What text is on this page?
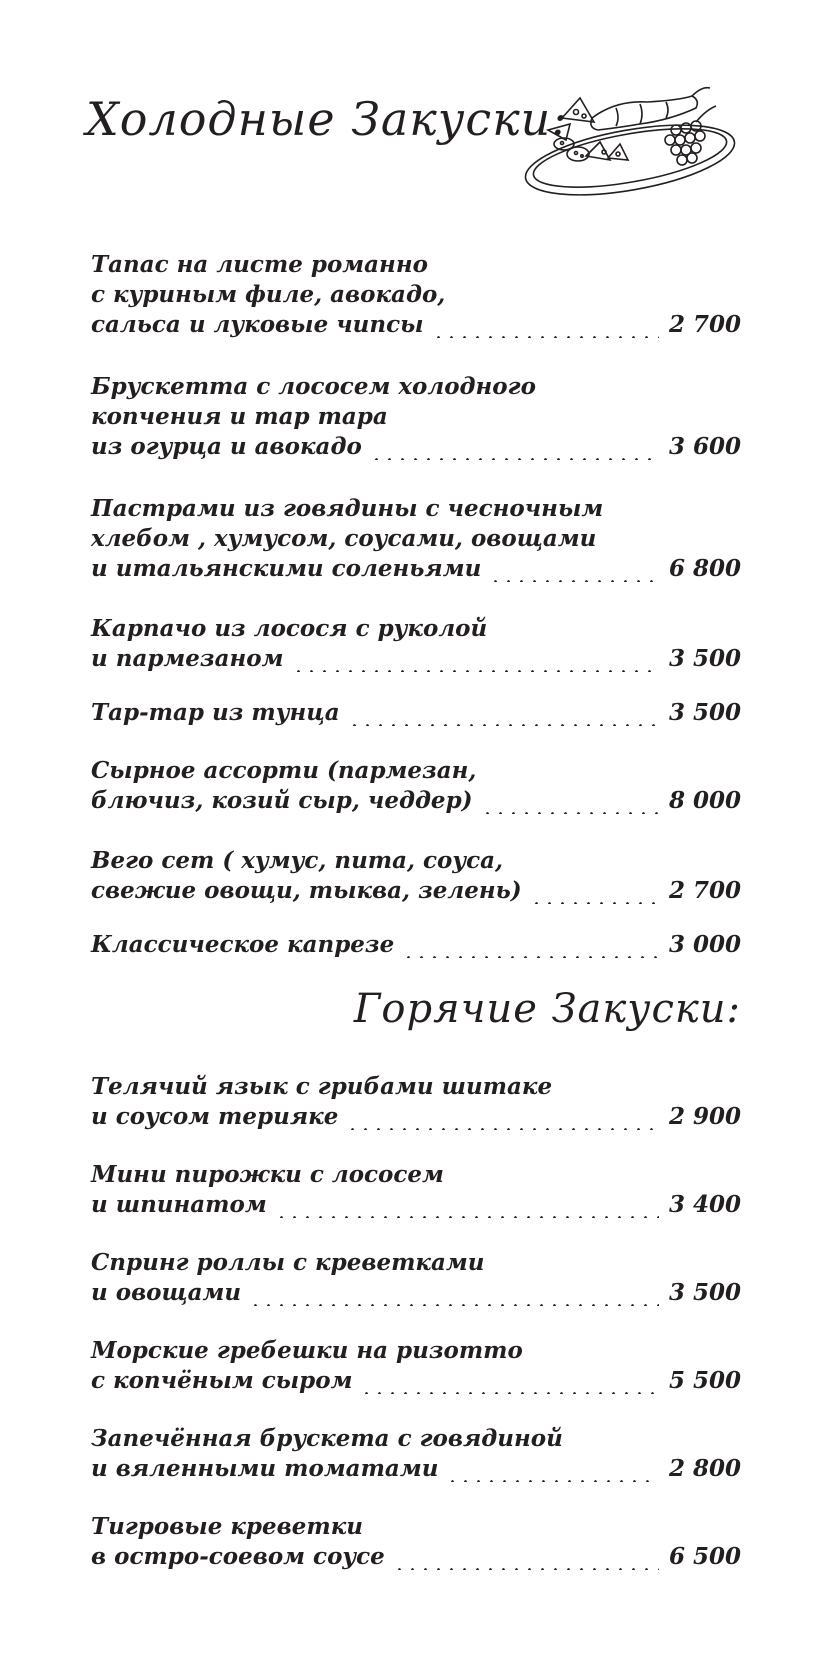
Холодные Закуски:
Тапас на листе романно
с куриным филе, авокадо,
сальса и луковые чипсы	2 700
Брускетта с лососем холодного
копчения и тар тара
из огурца и авокадо	3 600
Пастрами из говядины с чесночным
хлебом , хумусом, соусами, овощами
и итальянскими соленьями	6 800
Карпачо из лосося с руколой
и пармезаном	3 500
Тар-тар из тунца	3 500
Сырное ассорти (пармезан,
блючиз, козий сыр, чеддер)	8 000
Вего сет ( хумус, пита, соуса,
свежие овощи, тыква, зелень)	2 700
Классическое капрезе	3 000
Горячие Закуски:
Телячий язык с грибами шитаке
и соусом терияке	2 900
Мини пирожки с лососем
и шпинатом	3 400
Спринг роллы с креветками
и овощами	3 500
Морские гребешки на ризотто
с копчёным сыром	5 500
Запечённая брускета с говядиной
и вяленными томатами	2 800
Тигровые креветки
в остро-соевом соусе	6 500
